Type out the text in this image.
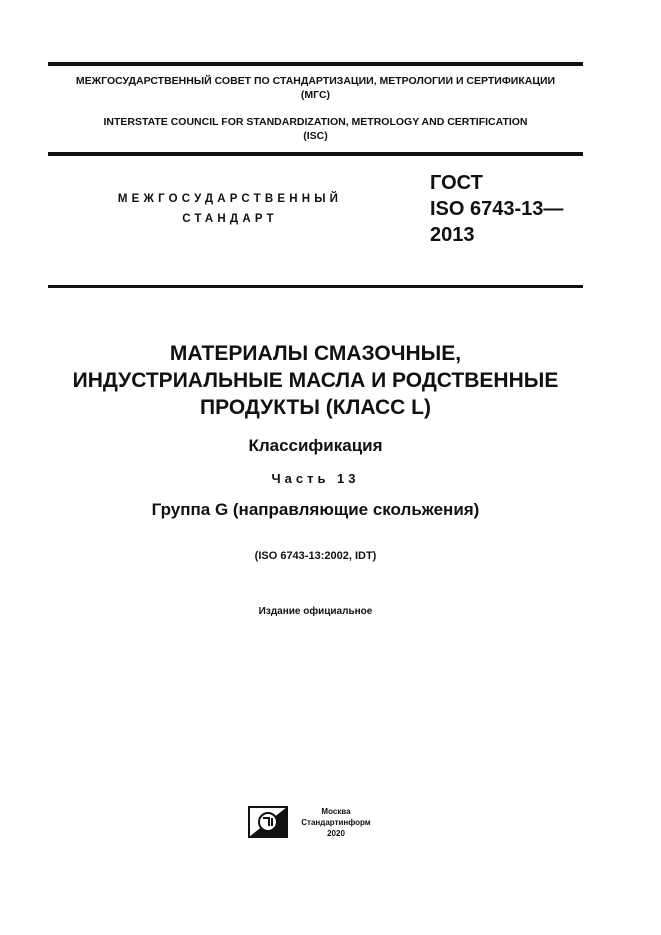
МЕЖГОСУДАРСТВЕННЫЙ СОВЕТ ПО СТАНДАРТИЗАЦИИ, МЕТРОЛОГИИ И СЕРТИФИКАЦИИ
(МГС)
INTERSTATE COUNCIL FOR STANDARDIZATION, METROLOGY AND CERTIFICATION
(ISC)
МЕЖГОСУДАРСТВЕННЫЙ
СТАНДАРТ
ГОСТ
ISO 6743-13—
2013
МАТЕРИАЛЫ СМАЗОЧНЫЕ,
ИНДУСТРИАЛЬНЫЕ МАСЛА И РОДСТВЕННЫЕ
ПРОДУКТЫ (КЛАСС L)
Классификация
Часть 13
Группа G (направляющие скольжения)
(ISO 6743-13:2002, IDT)
Издание официальное
Москва
Стандартинформ
2020
